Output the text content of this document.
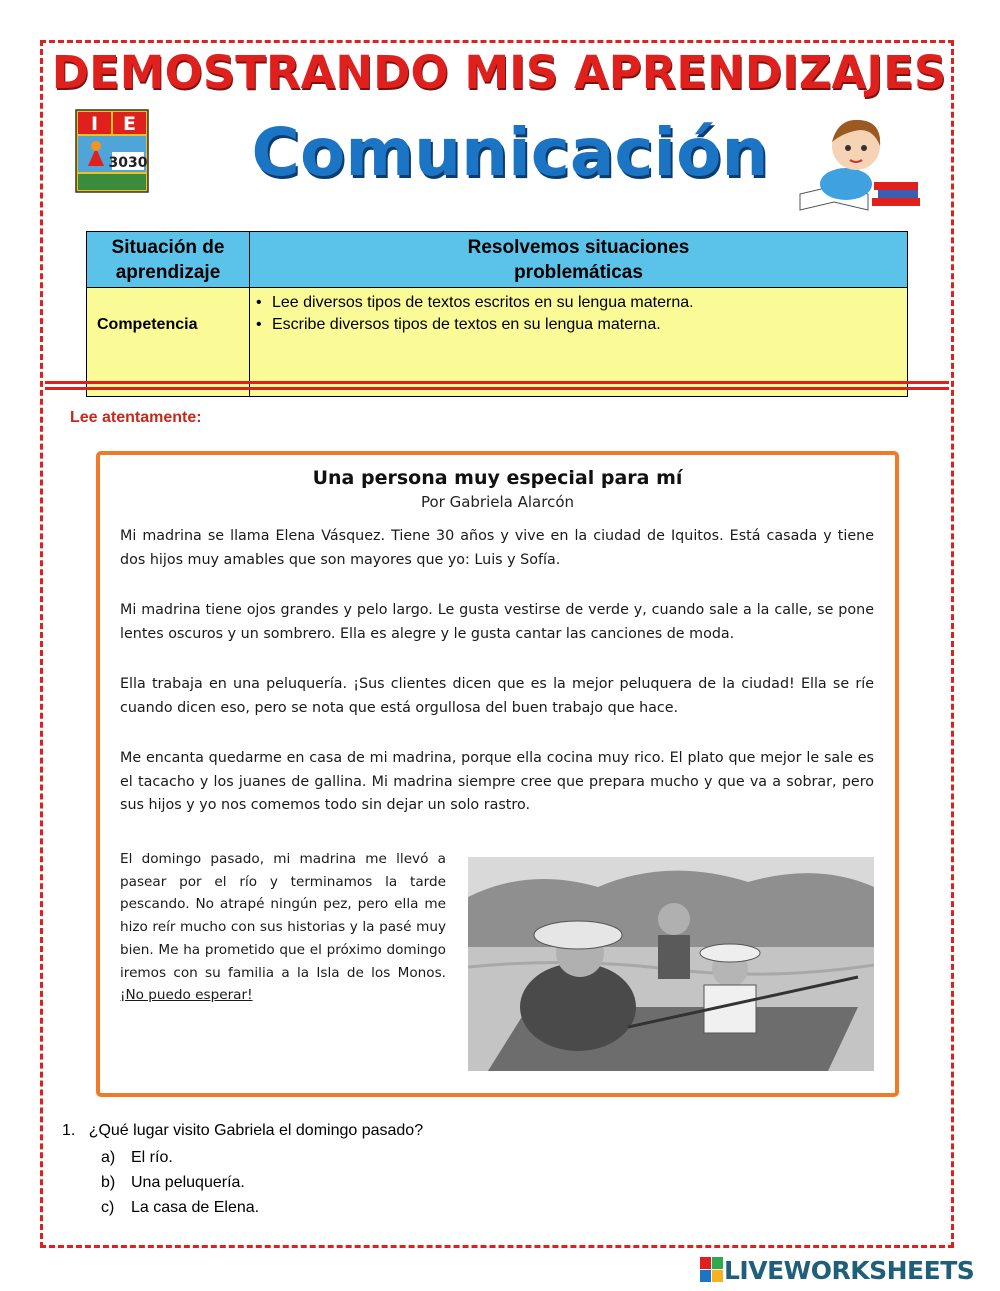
DEMOSTRANDO MIS APRENDIZAJES
I E
3030	Comunicación
Situación de aprendizaje	Resolvemos situaciones problemáticas

Competencia	• Lee diversos tipos de textos escritos en su lengua materna.
• Escribe diversos tipos de textos en su lengua materna.
Lee atentamente:
Una persona muy especial para mí
Por Gabriela Alarcón
Mi madrina se llama Elena Vásquez. Tiene 30 años y vive en la ciudad de Iquitos. Está casada y tiene dos hijos muy amables que son mayores que yo: Luis y Sofía.
Mi madrina tiene ojos grandes y pelo largo. Le gusta vestirse de verde y, cuando sale a la calle, se pone lentes oscuros y un sombrero. Ella es alegre y le gusta cantar las canciones de moda.
Ella trabaja en una peluquería. ¡Sus clientes dicen que es la mejor peluquera de la ciudad! Ella se ríe cuando dicen eso, pero se nota que está orgullosa del buen trabajo que hace.
Me encanta quedarme en casa de mi madrina, porque ella cocina muy rico. El plato que mejor le sale es el tacacho y los juanes de gallina. Mi madrina siempre cree que prepara mucho y que va a sobrar, pero sus hijos y yo nos comemos todo sin dejar un solo rastro.
El domingo pasado, mi madrina me llevó a pasear por el río y terminamos la tarde pescando. No atrapé ningún pez, pero ella me hizo reír mucho con sus historias y la pasé muy bien. Me ha prometido que el próximo domingo iremos con su familia a la Isla de los Monos. ¡No puedo esperar!
1. ¿Qué lugar visito Gabriela el domingo pasado?
a) El río.
b) Una peluquería.
c) La casa de Elena.
LIVEWORKSHEETS
